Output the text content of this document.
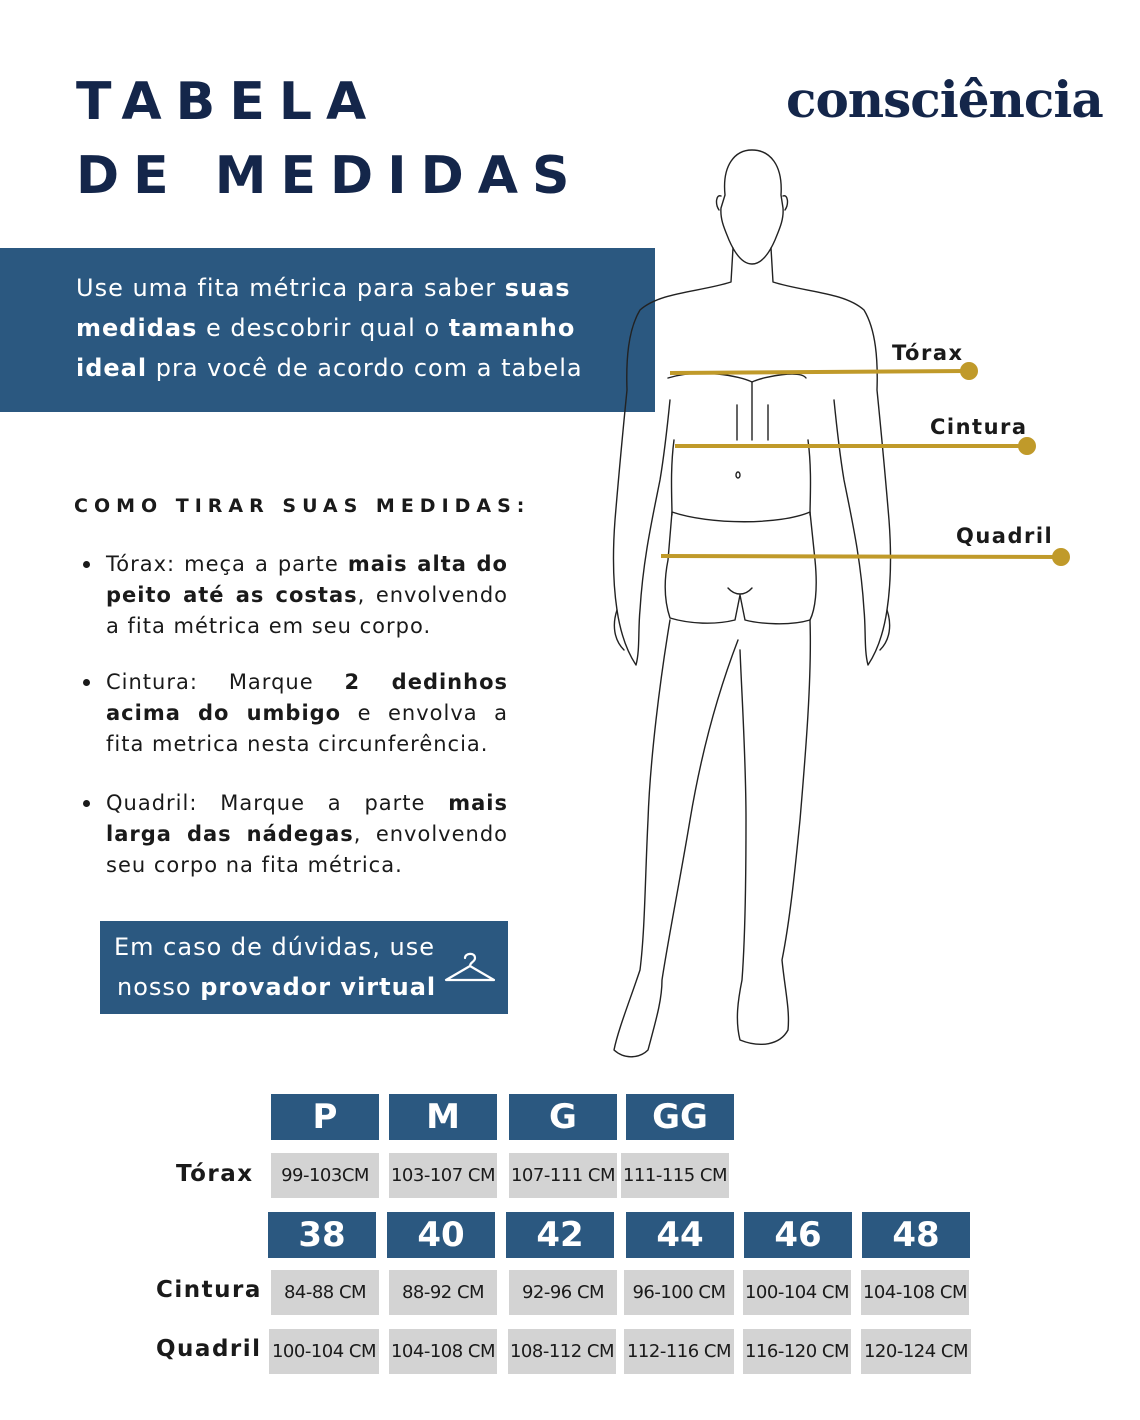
TABELA
DE MEDIDAS
consciência
Use uma fita métrica para saber suas
medidas e descobrir qual o tamanho
ideal pra você de acordo com a tabela
Tórax
Cintura
Quadril
COMO TIRAR SUAS MEDIDAS:
Tórax: meça a parte mais alta do peito até as costas, envolvendo a fita métrica em seu corpo.
Cintura: Marque 2 dedinhos acima do umbigo e envolva a fita metrica nesta circunferência.
Quadril: Marque a parte mais larga das nádegas, envolvendo seu corpo na fita métrica.
Em caso de dúvidas, use
nosso provador virtual
Tórax
Cintura
Quadril
P	M	G	GG
99-103CM	103-107 CM 107-111 CM 111-115 CM
38	40	42	44	46	48
84-88 CM	88-92 CM	92-96 CM	96-100 CM	100-104 CM 104-108 CM
100-104 CM 104-108 CM 108-112 CM 112-116 CM 116-120 CM 120-124 CM
